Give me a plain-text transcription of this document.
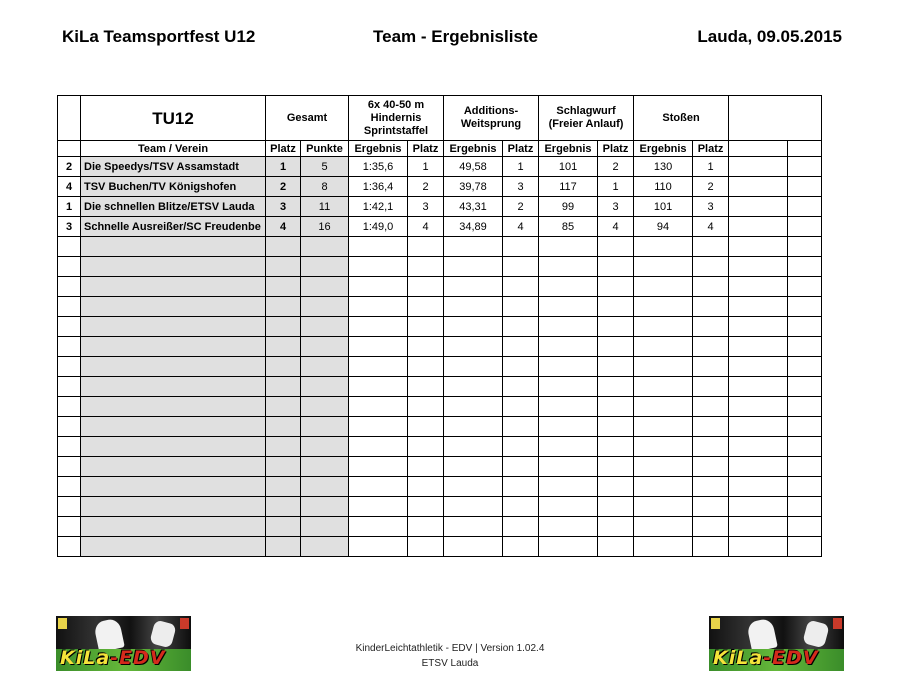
KiLa Teamsportfest U12	Team - Ergebnisliste	Lauda, 09.05.2015
	TU12	Gesamt		6x 40-50 m Hindernis Sprintstaffel		Additions-Weitsprung		Schlagwurf (Freier Anlauf)		Stoßen			
	Team / Verein	Platz	Punkte	Ergebnis	Platz	Ergebnis	Platz	Ergebnis	Platz	Ergebnis	Platz		
2	Die Speedys/TSV Assamstadt	1	5	1:35,6	1	49,58	1	101	2	130	1		
4	TSV Buchen/TV Königshofen	2	8	1:36,4	2	39,78	3	117	1	110	2		
1	Die schnellen Blitze/ETSV Lauda	3	11	1:42,1	3	43,31	2	99	3	101	3		
3	Schnelle Ausreißer/SC Freudenbe	4	16	1:49,0	4	34,89	4	85	4	94	4		

KiLa-EDV	KiLa-EDV
KinderLeichtathletik - EDV | Version 1.02.4
ETSV Lauda
